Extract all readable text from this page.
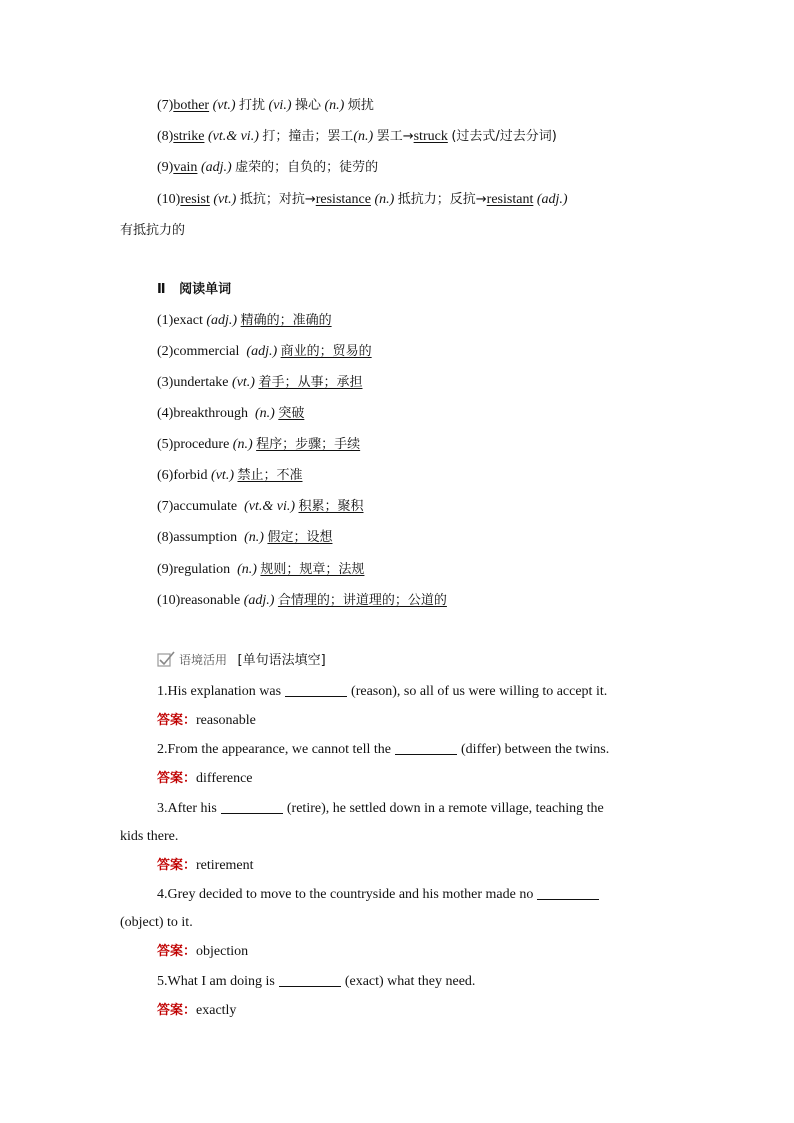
(7)bother (vt.) 打扰 (vi.) 操心 (n.) 烦扰
(8)strike (vt.& vi.) 打；撞击；罢工(n.) 罢工→struck (过去式/过去分词)
(9)vain (adj.) 虚荣的；自负的；徒劳的
(10)resist (vt.) 抵抗；对抗→resistance (n.) 抵抗力；反抗→resistant (adj.)
有抵抗力的
Ⅱ 阅读单词
(1)exact (adj.) 精确的；准确的
(2)commercial (adj.) 商业的；贸易的
(3)undertake (vt.) 着手；从事；承担
(4)breakthrough (n.) 突破
(5)procedure (n.) 程序；步骤；手续
(6)forbid (vt.) 禁止；不准
(7)accumulate (vt.& vi.) 积累；聚积
(8)assumption (n.) 假定；设想
(9)regulation (n.) 规则；规章；法规
(10)reasonable (adj.) 合情理的；讲道理的；公道的
语境活用 [单句语法填空]
1.His explanation was	(reason), so all of us were willing to accept it.
答案：reasonable
2.From the appearance, we cannot tell the	(differ) between the twins.
答案：difference
3.After his	(retire), he settled down in a remote village, teaching the
kids there.
答案：retirement
4.Grey decided to move to the countryside and his mother made no
(object) to it.
答案：objection
5.What I am doing is	(exact) what they need.
答案：exactly
